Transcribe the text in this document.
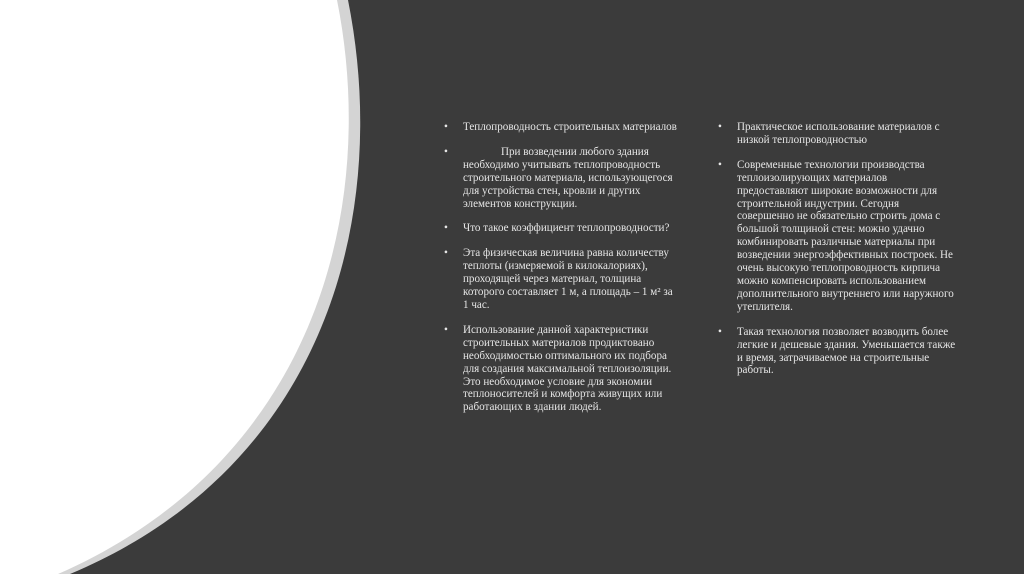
• Теплопроводность строительных материалов
• При возведении любого здания необходимо учитывать теплопроводность строительного материала, использующегося для устройства стен, кровли и других элементов конструкции.
• Что такое коэффициент теплопроводности?
• Эта физическая величина равна количеству теплоты (измеряемой в килокалориях), проходящей через материал, толщина которого составляет 1 м, а площадь – 1 м² за 1 час.
• Использование данной характеристики строительных материалов продиктовано необходимостью оптимального их подбора для создания максимальной теплоизоляции. Это необходимое условие для экономии теплоносителей и комфорта живущих или работающих в здании людей.
• Практическое использование материалов с низкой теплопроводностью
• Современные технологии производства теплоизолирующих материалов предоставляют широкие возможности для строительной индустрии. Сегодня совершенно не обязательно строить дома с большой толщиной стен: можно удачно комбинировать различные материалы при возведении энергоэффективных построек. Не очень высокую теплопроводность кирпича можно компенсировать использованием дополнительного внутреннего или наружного утеплителя.
• Такая технология позволяет возводить более легкие и дешевые здания. Уменьшается также и время, затрачиваемое на строительные работы.
